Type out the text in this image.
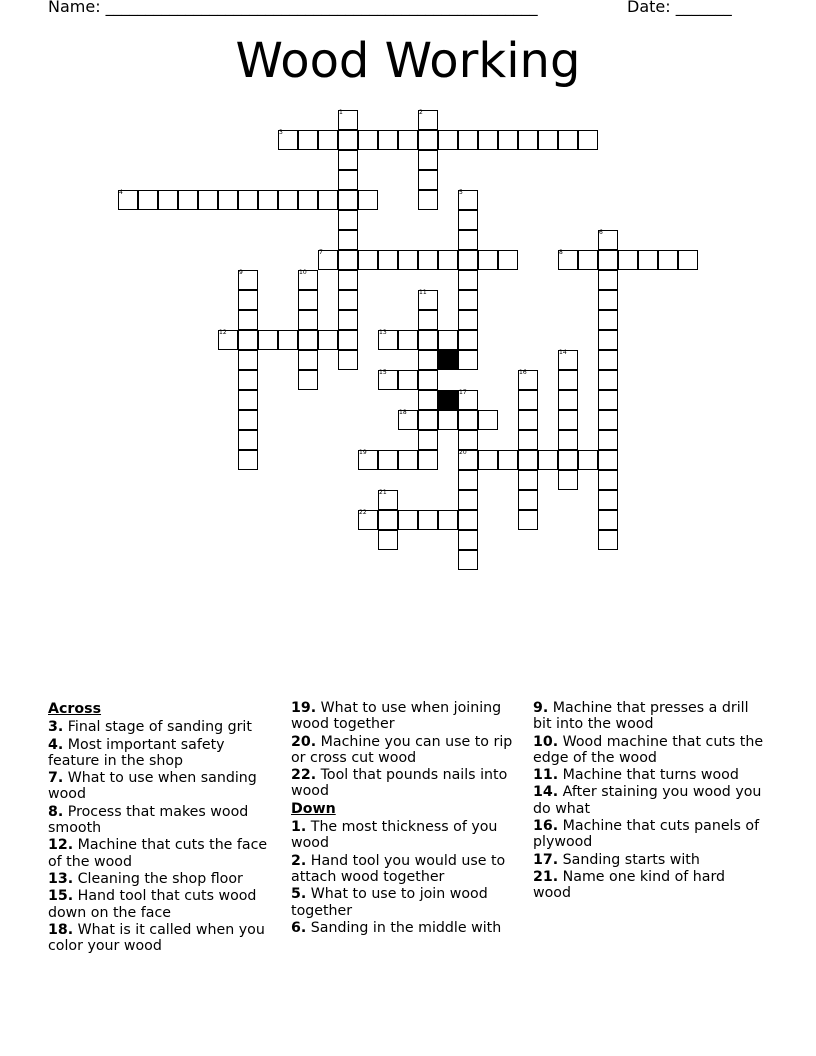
Name: ______________________________________________________	Date: _______
Wood Working
1	2
3
4	5
6
7	8
9	10
11
12	13
14
15	16
17
18
19	20
21
22
Across
3. Final stage of sanding grit
4. Most important safety feature in the shop
7. What to use when sanding wood
8. Process that makes wood smooth
12. Machine that cuts the face of the wood
13. Cleaning the shop floor
15. Hand tool that cuts wood down on the face
18. What is it called when you color your wood
19. What to use when joining wood together
20. Machine you can use to rip or cross cut wood
22. Tool that pounds nails into wood
Down
1. The most thickness of you wood
2. Hand tool you would use to attach wood together
5. What to use to join wood together
6. Sanding in the middle with
9. Machine that presses a drill bit into the wood
10. Wood machine that cuts the edge of the wood
11. Machine that turns wood
14. After staining you wood you do what
16. Machine that cuts panels of plywood
17. Sanding starts with
21. Name one kind of hard wood
